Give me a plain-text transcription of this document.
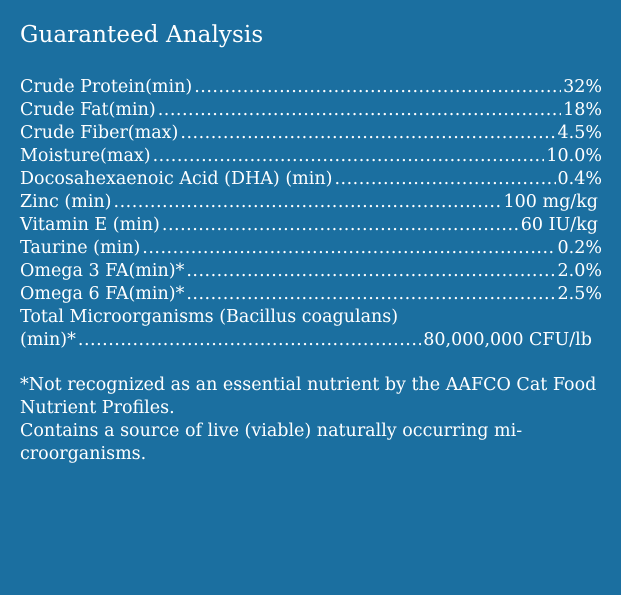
Guaranteed Analysis
Crude Protein(min) .....	32%
Crude Fat(min) .....	18%
Crude Fiber(max) .....	4.5%
Moisture(max) .....	10.0%
Docosahexaenoic Acid (DHA) (min) .....	0.4%
Zinc (min) .....	100 mg/kg
Vitamin E (min) .....	60 IU/kg
Taurine (min) .....	0.2%
Omega 3 FA(min)* .....	2.0%
Omega 6 FA(min)* .....	2.5%
Total Microorganisms (Bacillus coagulans)
(min)* .....	80,000,000 CFU/lb

*Not recognized as an essential nutrient by the AAFCO Cat Food Nutrient Profiles.

Contains a source of live (viable) naturally occurring mi-croorganisms.
